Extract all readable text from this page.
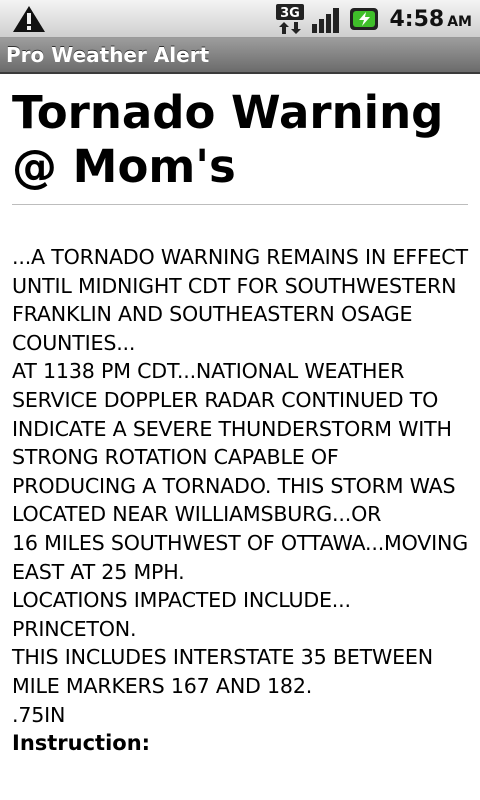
3G	4:58 AM
Pro Weather Alert
Tornado Warning @ Mom's
...A TORNADO WARNING REMAINS IN EFFECT UNTIL MIDNIGHT CDT FOR SOUTHWESTERN FRANKLIN AND SOUTHEASTERN OSAGE COUNTIES...
AT 1138 PM CDT...NATIONAL WEATHER SERVICE DOPPLER RADAR CONTINUED TO
INDICATE A SEVERE THUNDERSTORM WITH STRONG ROTATION CAPABLE OF PRODUCING A TORNADO. THIS STORM WAS LOCATED NEAR WILLIAMSBURG...OR
16 MILES SOUTHWEST OF OTTAWA...MOVING EAST AT 25 MPH.
LOCATIONS IMPACTED INCLUDE... PRINCETON.
THIS INCLUDES INTERSTATE 35 BETWEEN MILE MARKERS 167 AND 182.
.75IN
Instruction:
